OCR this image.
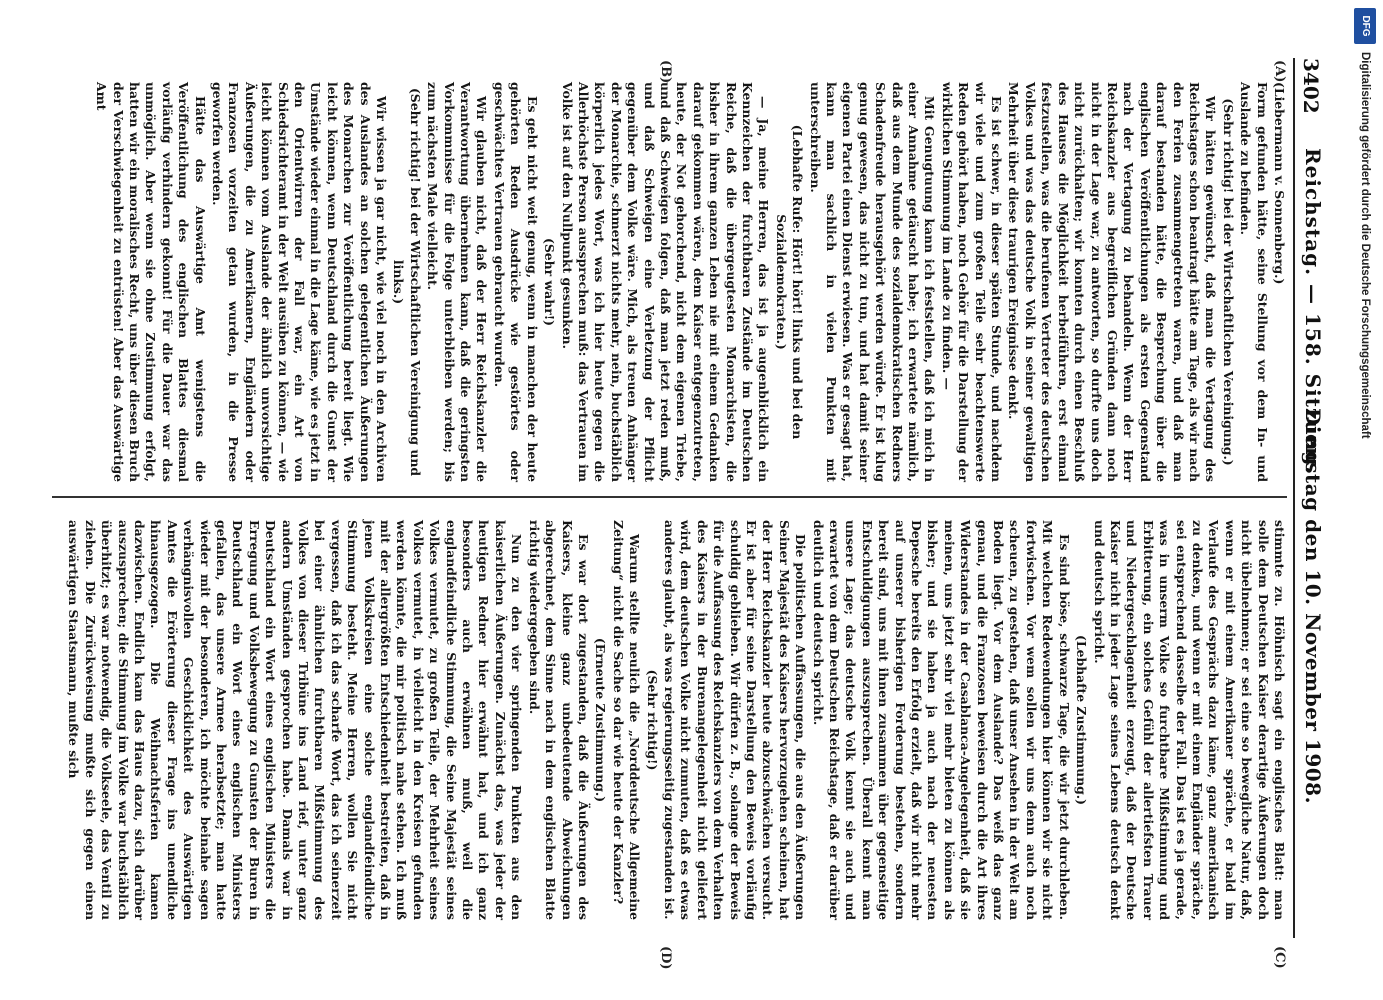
3402
Reichstag. — 158. Sitzung.
Dienstag den 10. November 1908.
(A)
(B)
(C)
(D)

(Liebermann v. Sonnenberg.)

Form gefunden hätte, seine Stellung vor dem In- und Auslande zu befinden.

(Sehr richtig! bei der Wirtschaftlichen Vereinigung.)

Wir hätten gewünscht, daß man die Vertagung des Reichstages schon beantragt hätte am Tage, als wir nach den Ferien zusammengetreten waren, und daß man darauf bestanden hätte, die Besprechung über die englischen Veröffentlichungen als ersten Gegenstand nach der Vertagung zu behandeln. Wenn der Herr Reichskanzler aus begreiflichen Gründen dann noch nicht in der Lage war, zu antworten, so durfte uns doch nicht zurückhalten; wir konnten durch einen Beschluß des Hauses die Möglichkeit herbeiführen, erst einmal festzustellen, was die berufenen Vertreter des deutschen Volkes und was das deutsche Volk in seiner gewaltigen Mehrheit über diese traurigen Ereignisse denkt.

Es ist schwer, in dieser späten Stunde, und nachdem wir viele und zum großen Teile sehr beachtenswerte Reden gehört haben, noch Gehör für die Darstellung der wirklichen Stimmung im Lande zu finden. —

Mit Genugtuung kann ich feststellen, daß ich mich in einer Annahme getäuscht habe; ich erwartete nämlich, daß aus dem Munde des sozialdemokratischen Redners Schadenfreude herausgehört werden würde. Er ist klug genug gewesen, das nicht zu tun, und hat damit seiner eigenen Partei einen Dienst erwiesen. Was er gesagt hat, kann man sachlich in vielen Punkten mit unterschreiben.

(Lebhafte Rufe: Hört! hört! links und bei den Sozialdemokraten.)

— Ja, meine Herren, das ist ja augenblicklich ein Kennzeichen der furchtbaren Zustände im Deutschen Reiche, daß die übergeugtesten Monarchisten, die bisher in ihrem ganzen Leben nie mit einem Gedanken darauf gekommen wären, dem Kaiser entgegenzutreten, heute, der Not gehorchend, nicht dem eigenen Triebe, und daß Schweigen folgen, daß man jetzt reden muß, und daß Schweigen eine Verletzung der Pflicht gegenüber dem Volke wäre. Mich, als treuen Anhänger der Monarchie, schmerzt nichts mehr, nein, buchstäblich körperlich jedes Wort, was ich hier heute gegen die Allerhöchste Person aussprechen muß: das Vertrauen im Volke ist auf den Nullpunkt gesunken.

(Sehr wahr!)

Es geht nicht weit genug, wenn in manchen der heute gehörten Reden Ausdrücke wie gestörtes oder geschwächtes Vertrauen gebraucht wurden.

Wir glauben nicht, daß der Herr Reichskanzler die Verantwortung übernehmen kann, daß die geringsten Vorkommnisse für die Folge unterbleiben werden; bis zum nächsten Male vielleicht.

(Sehr richtig! bei der Wirtschaftlichen Vereinigung und links.)

Wir wissen ja gar nicht, wie viel noch in den Archiven des Auslandes an solchen gelegentlichen Äußerungen des Monarchen zur Veröffentlichung bereit liegt. Wie leicht können, wenn Deutschland durch die Gunst der Umstände wieder einmal in die Lage käme, wie es jetzt in den Orientwirren der Fall war, ein Art von Schiedsrichteramt in der Welt ausüben zu können, — wie leicht können vom Auslande der ähnlich unvorsichtige Äußerungen, die zu Amerikanern, Engländern oder Franzosen vorzeiten getan wurden, in die Presse geworfen werden.

Hätte das Auswärtige Amt wenigstens die Veröffentlichung des englischen Blattes diesmal vorläufig verhindern gekonnt! Für die Dauer war das unmöglich. Aber wenn sie ohne Zustimmung erfolgt, hatten wir ein moralisches Recht, uns über diesen Bruch der Verschwiegenheit zu entrüsten! Aber das Auswärtige Amt

stimmte zu. Höhnisch sagt ein englisches Blatt: man solle dem Deutschen Kaiser derartige Äußerungen doch nicht übelnehmen; er sei eine so bewegliche Natur, daß, wenn er mit einem Amerikaner spräche, er bald im Verlaufe des Gesprächs dazu käme, ganz amerikanisch zu denken, und wenn er mit einem Engländer spräche, sei entsprechend dasselbe der Fall. Das ist es ja gerade, was in unserm Volke so furchtbare Mißstimmung und Erbitterung, ein solches Gefühl der allertiefsten Trauer und Niedergeschlagenheit erzeugt, daß der Deutsche Kaiser nicht in jeder Lage seines Lebens deutsch denkt und deutsch spricht.

(Lebhafte Zustimmung.)

Es sind böse, schwarze Tage, die wir jetzt durchleben. Mit welchen Redewendungen hier können wir sie nicht fortwischen. Vor wem sollen wir uns denn auch noch scheuen, zu gestehen, daß unser Ansehen in der Welt am Boden liegt. Vor dem Auslande? Das weiß das ganz genau, und die Franzosen beweisen durch die Art ihres Widerstandes in der Casablanca-Angelegenheit, daß sie meinen, uns jetzt sehr viel mehr bieten zu können als bisher; und sie haben ja auch nach der neuesten Depesche bereits den Erfolg erzielt, daß wir nicht mehr auf unserer bisherigen Forderung bestehen, sondern bereit sind, uns mit ihnen zusammen über gegenseitige Entschuldigungen auszusprechen. Überall kennt man unsere Lage; das deutsche Volk kennt sie auch und erwartet von dem Deutschen Reichstage, daß er darüber deutlich und deutsch spricht.

Die politischen Auffassungen, die aus den Äußerungen Seiner Majestät des Kaisers hervorzugehen scheinen, hat der Herr Reichskanzler heute abzuschwächen versucht. Er ist aber für seine Darstellung den Beweis vorläufig schuldig geblieben. Wir dürfen z. B., solange der Beweis für die Auffassung des Reichskanzlers von dem Verhalten des Kaisers in der Burenangelegenheit nicht geliefert wird, dem deutschen Volke nicht zumuten, daß es etwas anderes glaubt, als was regierungsseitig zugestanden ist.

(Sehr richtig!)

Warum stellte neulich die „Norddeutsche Allgemeine Zeitung“ nicht die Sache so dar wie heute der Kanzler?

(Erneute Zustimmung.)

Es war dort zugestanden, daß die Äußerungen des Kaisers, kleine ganz unbedeutende Abweichungen abgerechnet, dem Sinne nach in dem englischen Blatte richtig wiedergegeben sind.

Nun zu den vier springenden Punkten aus den kaiserlichen Äußerungen. Zunächst das, was jeder der heutigen Redner hier erwähnt hat, und ich ganz besonders auch erwähnen muß, weil die englandfeindliche Stimmung, die Seine Majestät seines Volkes vermutet, zu großen Teile, der Mehrheit seines Volkes vermutet, in vielleicht in den Kreisen gefunden werden könnte, die mir politisch nahe stehen. Ich muß mit der allergrößten Entschiedenheit bestreiten, daß in jenen Volkskreisen eine solche englandfeindliche Stimmung besteht. Meine Herren, wollen Sie nicht vergessen, daß ich das scharfe Wort, das ich seinerzeit bei einer ähnlichen furchtbaren Mißstimmung des Volkes von dieser Tribüne ins Land rief, unter ganz andern Umständen gesprochen habe. Damals war in Deutschland ein Wort eines englischen Ministers die Erregung und Volksbewegung zu Gunsten der Buren in Deutschland ein Wort eines englischen Ministers gefallen, das unsere Armee herabsetzte; man hatte wieder mit der besonderen, ich möchte beinahe sagen verhängnisvollen Geschicklichkeit des Auswärtigen Amtes die Erörterung dieser Frage ins unendliche hinausgezogen. Die Weihnachtsferien kamen dazwischen. Endlich kam das Haus dazu, sich darüber auszusprechen; die Stimmung im Volke war buchstäblich überhitzt; es war notwendig, die Volkseele, das Ventil zu ziehen. Die Zurückweisung mußte sich gegen einen auswärtigen Staatsmann, mußte sich

DFG
Digitalisierung gefördert durch die Deutsche Forschungsgemeinschaft
